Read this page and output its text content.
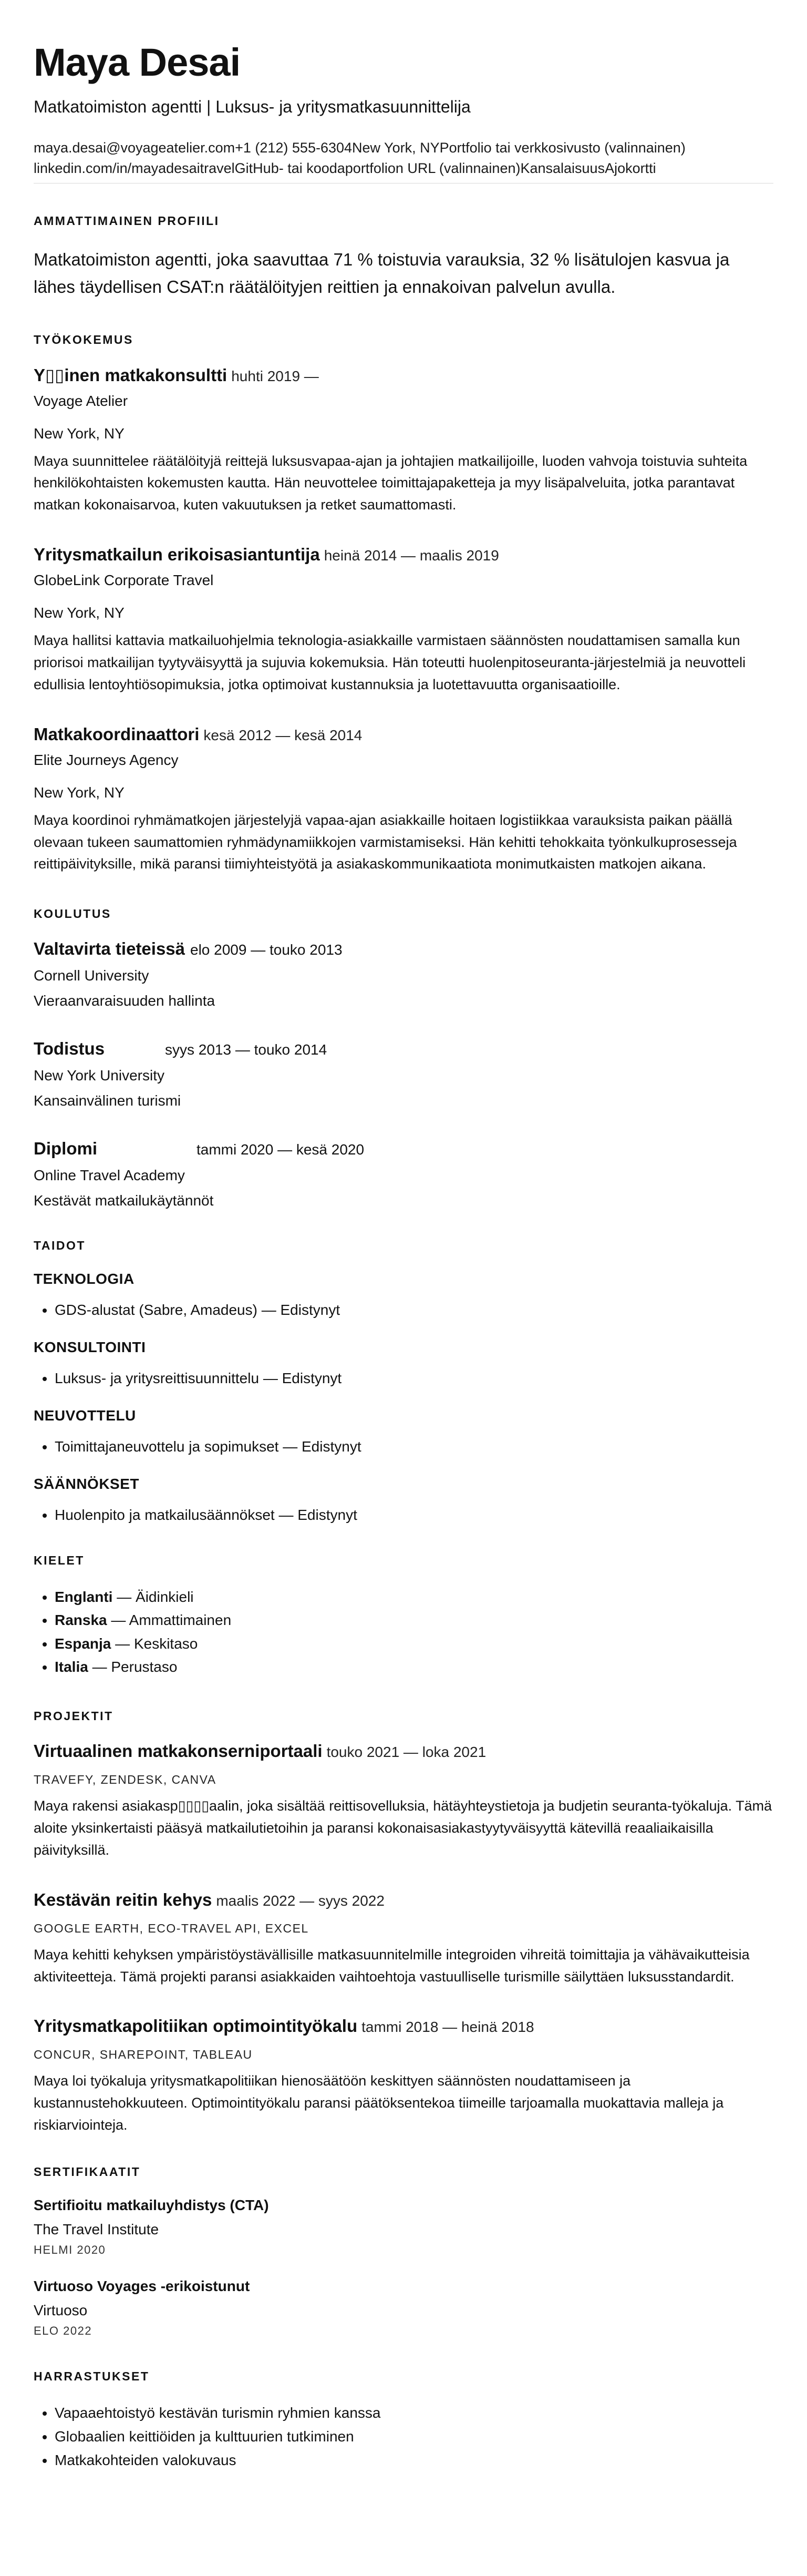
Maya Desai
Matkatoimiston agentti | Luksus- ja yritysmatkasuunnittelija
maya.desai@voyageatelier.com+1 (212) 555-6304New York, NYPortfolio tai verkkosivusto (valinnainen)
linkedin.com/in/mayadesaitravelGitHub- tai koodaportfolion URL (valinnainen)KansalaisuusAjokortti
AMMATTIMAINEN PROFIILI
Matkatoimiston agentti, joka saavuttaa 71 % toistuvia varauksia, 32 % lisätulojen kasvua ja lähes täydellisen CSAT:n räätälöityjen reittien ja ennakoivan palvelun avulla.
TYÖKOKEMUS
Y▯▯inen matkakonsultti huhti 2019 —
Voyage Atelier
New York, NY
Maya suunnittelee räätälöityjä reittejä luksusvapaa-ajan ja johtajien matkailijoille, luoden vahvoja toistuvia suhteita henkilökohtaisten kokemusten kautta. Hän neuvottelee toimittajapaketteja ja myy lisäpalveluita, jotka parantavat matkan kokonaisarvoa, kuten vakuutuksen ja retket saumattomasti.
Yritysmatkailun erikoisasiantuntija heinä 2014 — maalis 2019
GlobeLink Corporate Travel
New York, NY
Maya hallitsi kattavia matkailuohjelmia teknologia-asiakkaille varmistaen säännösten noudattamisen samalla kun priorisoi matkailijan tyytyväisyyttä ja sujuvia kokemuksia. Hän toteutti huolenpitoseuranta-järjestelmiä ja neuvotteli edullisia lentoyhtiösopimuksia, jotka optimoivat kustannuksia ja luotettavuutta organisaatioille.
Matkakoordinaattori kesä 2012 — kesä 2014
Elite Journeys Agency
New York, NY
Maya koordinoi ryhmämatkojen järjestelyjä vapaa-ajan asiakkaille hoitaen logistiikkaa varauksista paikan päällä olevaan tukeen saumattomien ryhmädynamiikkojen varmistamiseksi. Hän kehitti tehokkaita työnkulkuprosesseja reittipäivityksille, mikä paransi tiimiyhteistyötä ja asiakaskommunikaatiota monimutkaisten matkojen aikana.
KOULUTUS
Valtavirta tieteissä elo 2009 — touko 2013
Cornell University
Vieraanvaraisuuden hallinta
Todistus	syys 2013 — touko 2014
New York University
Kansainvälinen turismi
Diplomi	tammi 2020 — kesä 2020
Online Travel Academy
Kestävät matkailukäytännöt
TAIDOT
TEKNOLOGIA
• GDS-alustat (Sabre, Amadeus) — Edistynyt
KONSULTOINTI
• Luksus- ja yritysreittisuunnittelu — Edistynyt
NEUVOTTELU
• Toimittajaneuvottelu ja sopimukset — Edistynyt
SÄÄNNÖKSET
• Huolenpito ja matkailusäännökset — Edistynyt
KIELET
• Englanti — Äidinkieli
• Ranska — Ammattimainen
• Espanja — Keskitaso
• Italia — Perustaso
PROJEKTIT
Virtuaalinen matkakonserniportaali touko 2021 — loka 2021
TRAVEFY, ZENDESK, CANVA
Maya rakensi asiakasp▯▯▯▯aalin, joka sisältää reittisovelluksia, hätäyhteystietoja ja budjetin seuranta-työkaluja. Tämä aloite yksinkertaisti pääsyä matkailutietoihin ja paransi kokonaisasiakastyytyväisyyttä kätevillä reaaliaikaisilla päivityksillä.
Kestävän reitin kehys maalis 2022 — syys 2022
GOOGLE EARTH, ECO-TRAVEL API, EXCEL
Maya kehitti kehyksen ympäristöystävällisille matkasuunnitelmille integroiden vihreitä toimittajia ja vähävaikutteisia aktiviteetteja. Tämä projekti paransi asiakkaiden vaihtoehtoja vastuulliselle turismille säilyttäen luksusstandardit.
Yritysmatkapolitiikan optimointityökalu tammi 2018 — heinä 2018
CONCUR, SHAREPOINT, TABLEAU
Maya loi työkaluja yritysmatkapolitiikan hienosäätöön keskittyen säännösten noudattamiseen ja kustannustehokkuuteen. Optimointityökalu paransi päätöksentekoa tiimeille tarjoamalla muokattavia malleja ja riskiarviointeja.
SERTIFIKAATIT
Sertifioitu matkailuyhdistys (CTA)
The Travel Institute
HELMI 2020
Virtuoso Voyages -erikoistunut
Virtuoso
ELO 2022
HARRASTUKSET
• Vapaaehtoistyö kestävän turismin ryhmien kanssa
• Globaalien keittiöiden ja kulttuurien tutkiminen
• Matkakohteiden valokuvaus
